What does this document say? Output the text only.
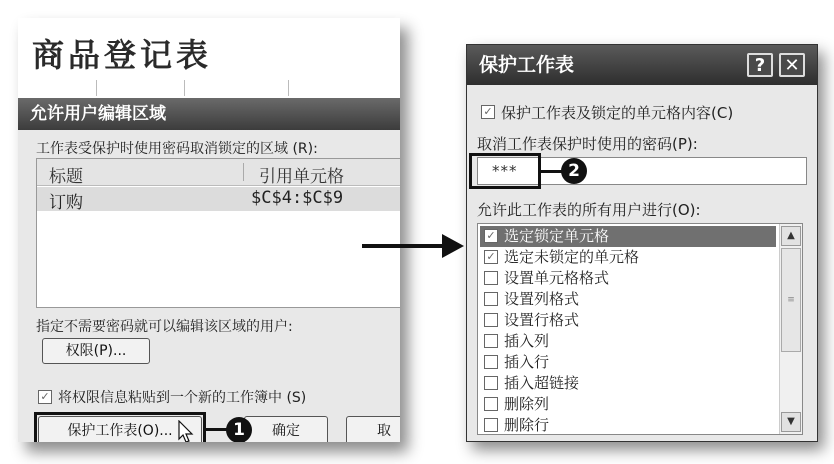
商品登记表
允许用户编辑区域
工作表受保护时使用密码取消锁定的区域 (R):
标题	引用单元格
订购	$C$4:$C$9
指定不需要密码就可以编辑该区域的用户:
权限(P)...
✓ 将权限信息粘贴到一个新的工作簿中 (S)
保护工作表(O)...	确定	取
1
保护工作表	?	✕
✓ 保护工作表及锁定的单元格内容(C)
取消工作表保护时使用的密码(P):
***	2
允许此工作表的所有用户进行(O):
✓ 选定锁定单元格
✓ 选定未锁定的单元格
设置单元格格式
设置列格式
设置行格式
插入列
插入行
插入超链接
删除列
删除行
▲
≡
▼
